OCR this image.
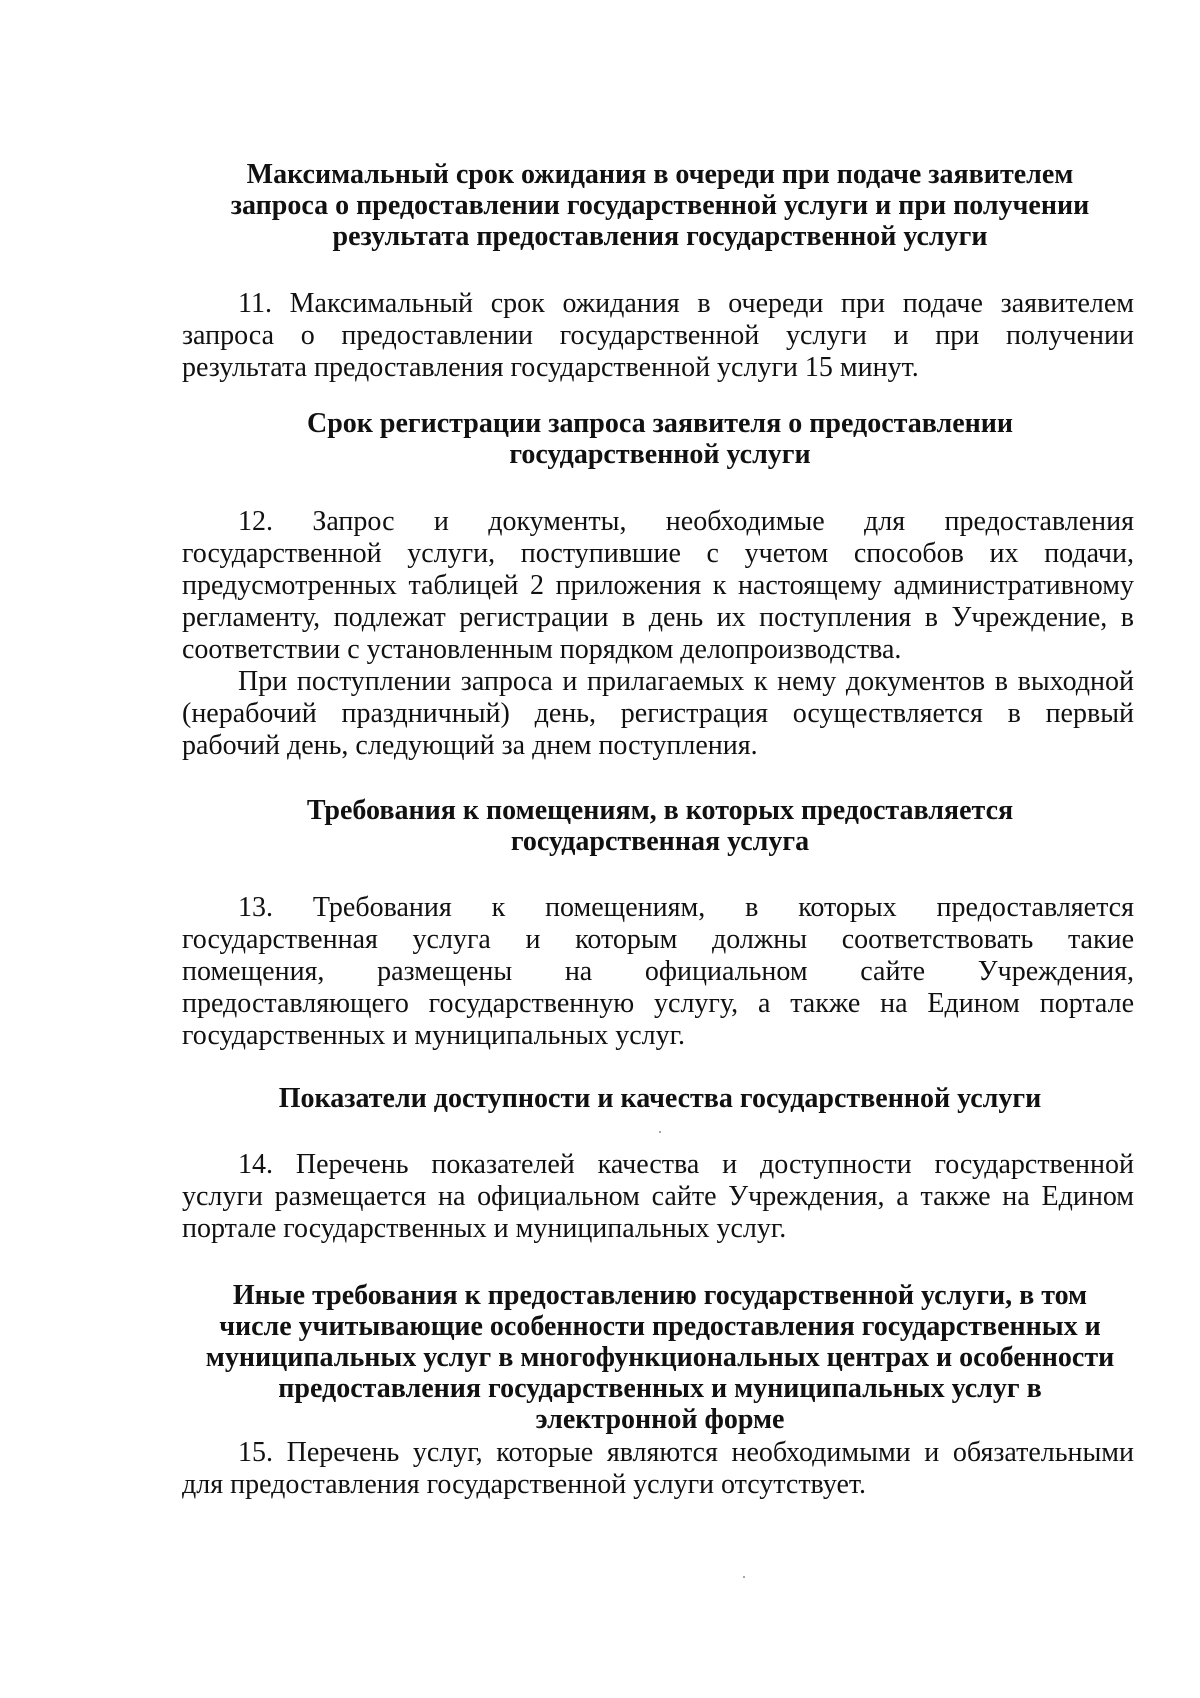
Максимальный срок ожидания в очереди при подаче заявителем
запроса о предоставлении государственной услуги и при получении
результата предоставления государственной услуги
11. Максимальный срок ожидания в очереди при подаче заявителем
запроса о предоставлении государственной услуги и при получении
результата предоставления государственной услуги 15 минут.
Срок регистрации запроса заявителя о предоставлении
государственной услуги
12. Запрос и документы, необходимые для предоставления
государственной услуги, поступившие с учетом способов их подачи,
предусмотренных таблицей 2 приложения к настоящему административному
регламенту, подлежат регистрации в день их поступления в Учреждение, в
соответствии с установленным порядком делопроизводства.
При поступлении запроса и прилагаемых к нему документов в выходной
(нерабочий праздничный) день, регистрация осуществляется в первый
рабочий день, следующий за днем поступления.
Требования к помещениям, в которых предоставляется
государственная услуга
13. Требования к помещениям, в которых предоставляется
государственная услуга и которым должны соответствовать такие
помещения, размещены на официальном сайте Учреждения,
предоставляющего государственную услугу, а также на Едином портале
государственных и муниципальных услуг.
Показатели доступности и качества государственной услуги
14. Перечень показателей качества и доступности государственной
услуги размещается на официальном сайте Учреждения, а также на Едином
портале государственных и муниципальных услуг.
Иные требования к предоставлению государственной услуги, в том
числе учитывающие особенности предоставления государственных и
муниципальных услуг в многофункциональных центрах и особенности
предоставления государственных и муниципальных услуг в
электронной форме
15. Перечень услуг, которые являются необходимыми и обязательными
для предоставления государственной услуги отсутствует.
